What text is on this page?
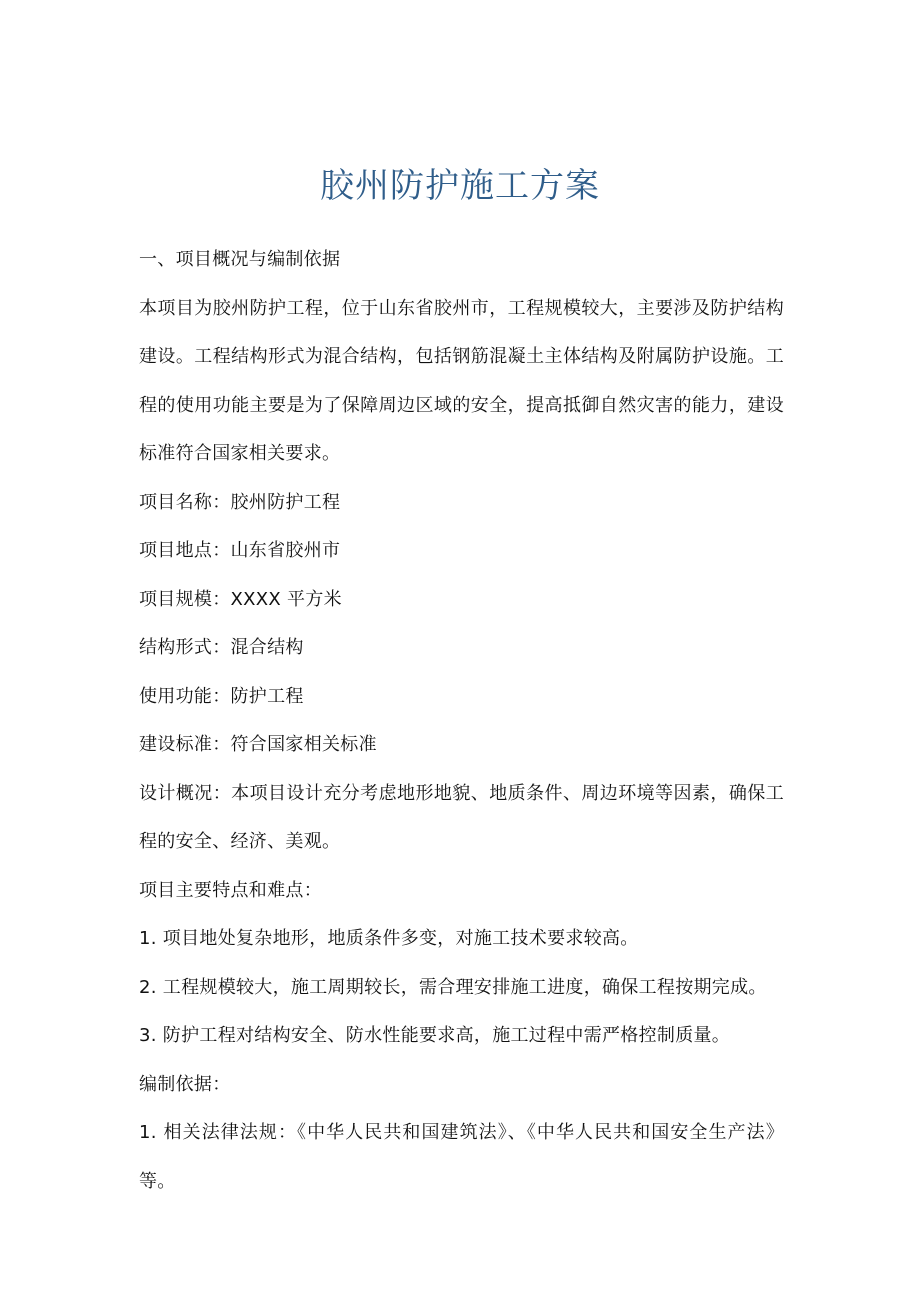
胶州防护施工方案

一、项目概况与编制依据

本项目为胶州防护工程，位于山东省胶州市，工程规模较大，主要涉及防护结构建设。工程结构形式为混合结构，包括钢筋混凝土主体结构及附属防护设施。工程的使用功能主要是为了保障周边区域的安全，提高抵御自然灾害的能力，建设标准符合国家相关要求。

项目名称：胶州防护工程

项目地点：山东省胶州市

项目规模：XXXX 平方米

结构形式：混合结构

使用功能：防护工程

建设标准：符合国家相关标准

设计概况：本项目设计充分考虑地形地貌、地质条件、周边环境等因素，确保工程的安全、经济、美观。

项目主要特点和难点：

1. 项目地处复杂地形，地质条件多变，对施工技术要求较高。

2. 工程规模较大，施工周期较长，需合理安排施工进度，确保工程按期完成。

3. 防护工程对结构安全、防水性能要求高，施工过程中需严格控制质量。

编制依据：

1. 相关法律法规：《中华人民共和国建筑法》、《中华人民共和国安全生产法》等。
